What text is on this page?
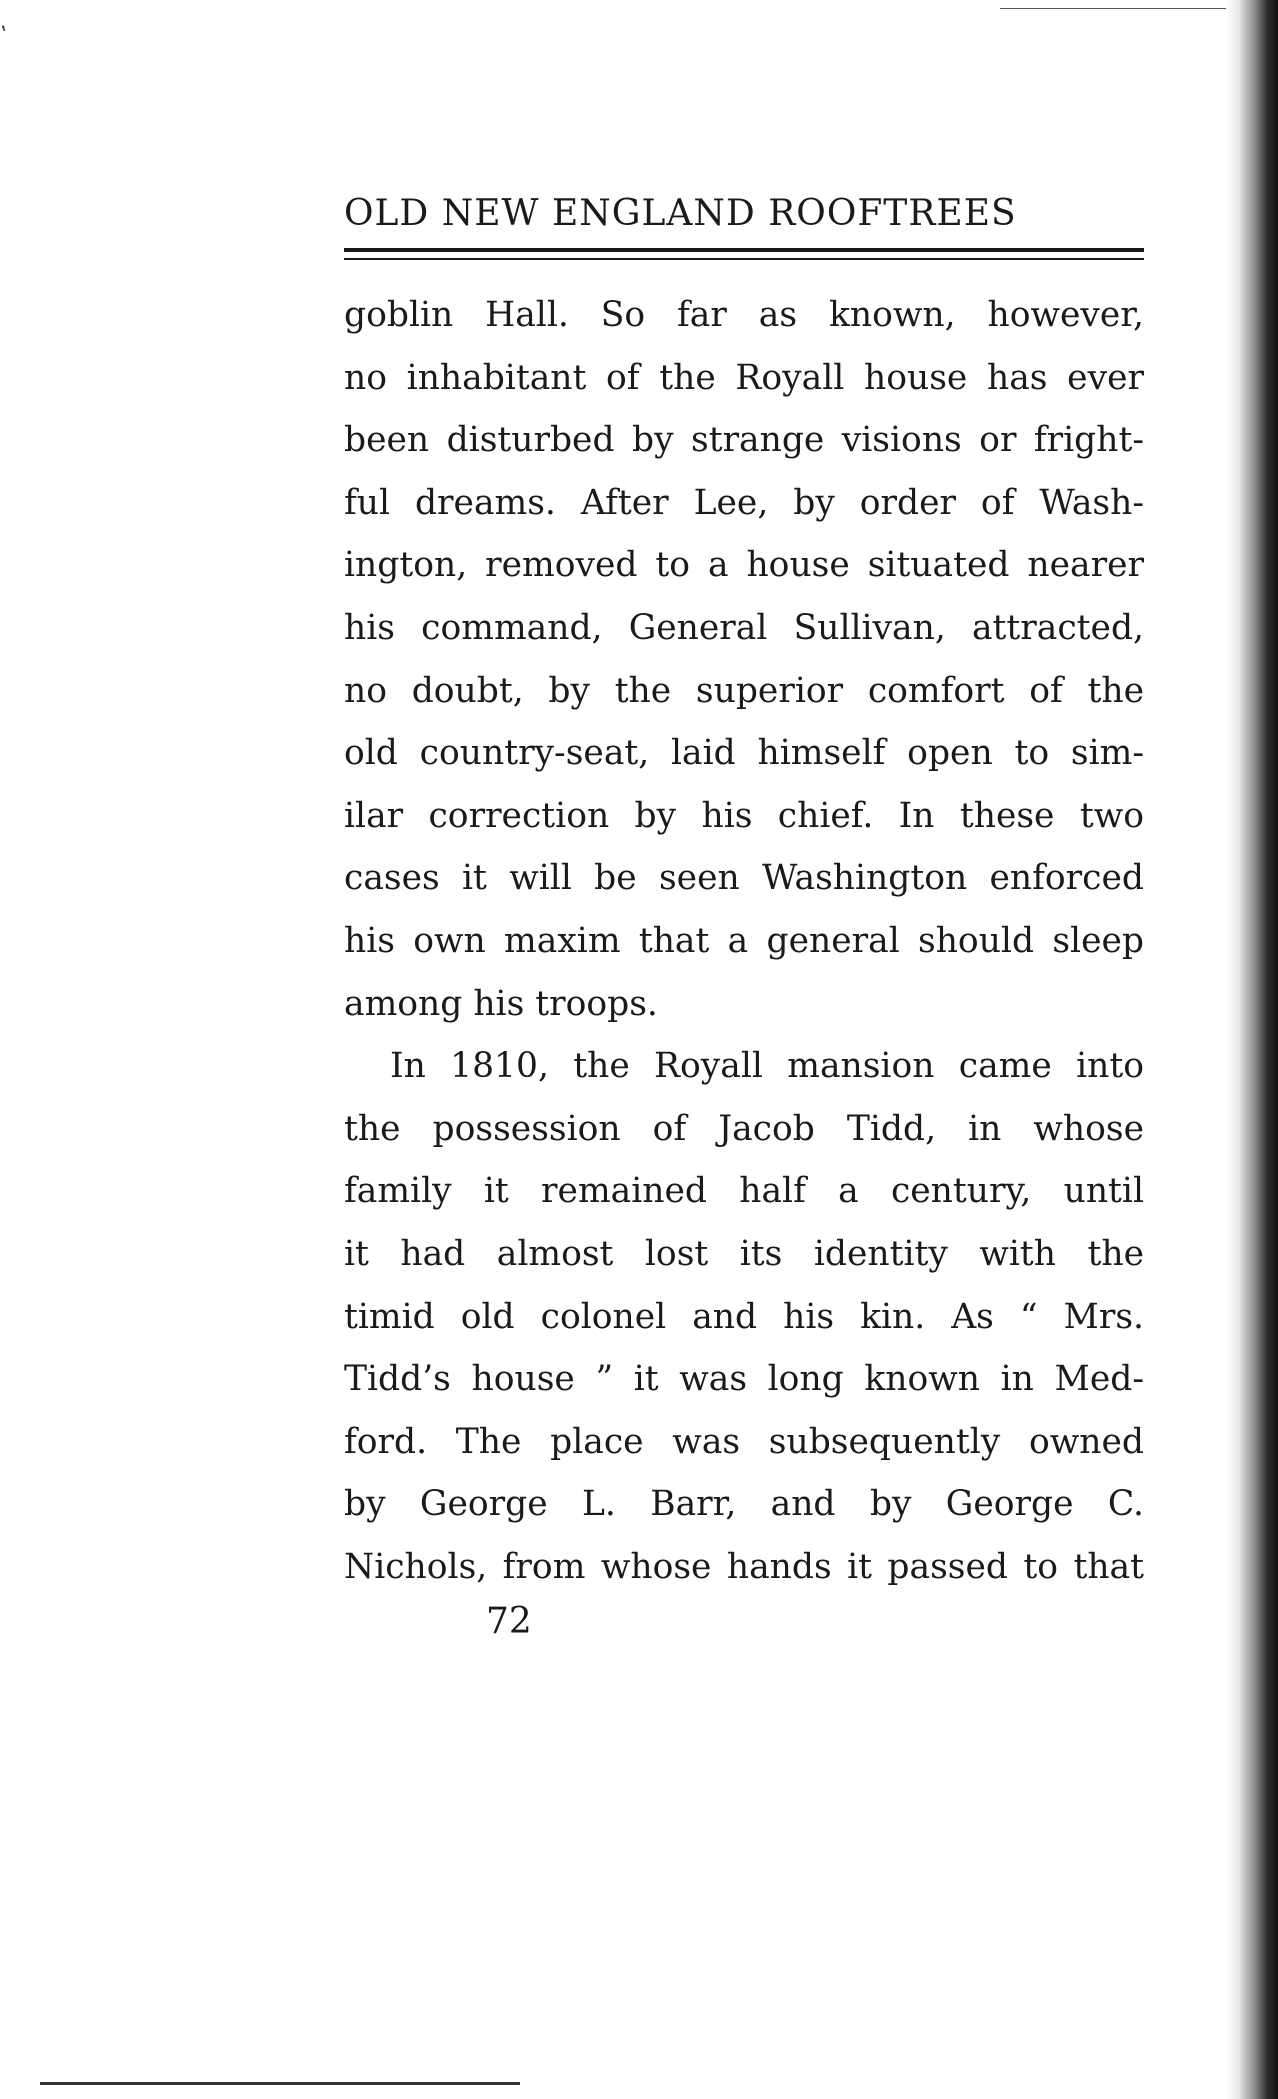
ʽ
OLD NEW ENGLAND ROOFTREES
goblin Hall. So far as known, however,
no inhabitant of the Royall house has ever
been disturbed by strange visions or fright-
ful dreams. After Lee, by order of Wash-
ington, removed to a house situated nearer
his command, General Sullivan, attracted,
no doubt, by the superior comfort of the
old country-seat, laid himself open to sim-
ilar correction by his chief. In these two
cases it will be seen Washington enforced
his own maxim that a general should sleep
among his troops.
In 1810, the Royall mansion came into
the possession of Jacob Tidd, in whose
family it remained half a century, until
it had almost lost its identity with the
timid old colonel and his kin. As “ Mrs.
Tidd’s house ” it was long known in Med-
ford. The place was subsequently owned
by George L. Barr, and by George C.
Nichols, from whose hands it passed to that
72
